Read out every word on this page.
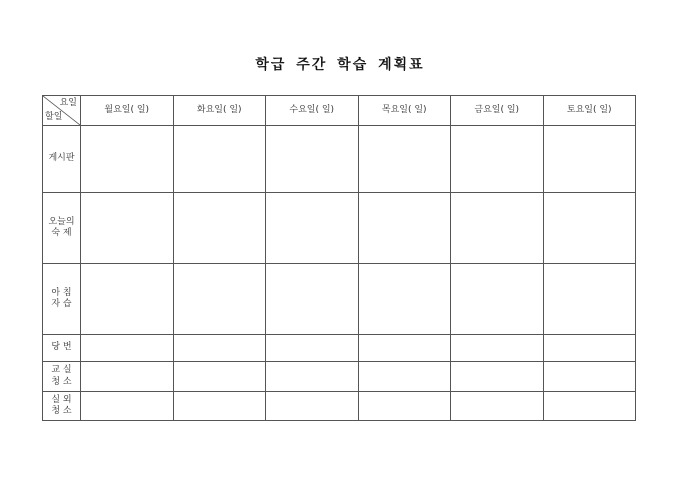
학급 주간 학습 계획표
요일
할일	월요일( 일)	화요일( 일)	수요일( 일)	목요일( 일)	금요일( 일)	토요일( 일)

게시판						

오늘의
숙 제						

아 침
자 습						

당 번						

교 실
청 소						

실 외
청 소						
